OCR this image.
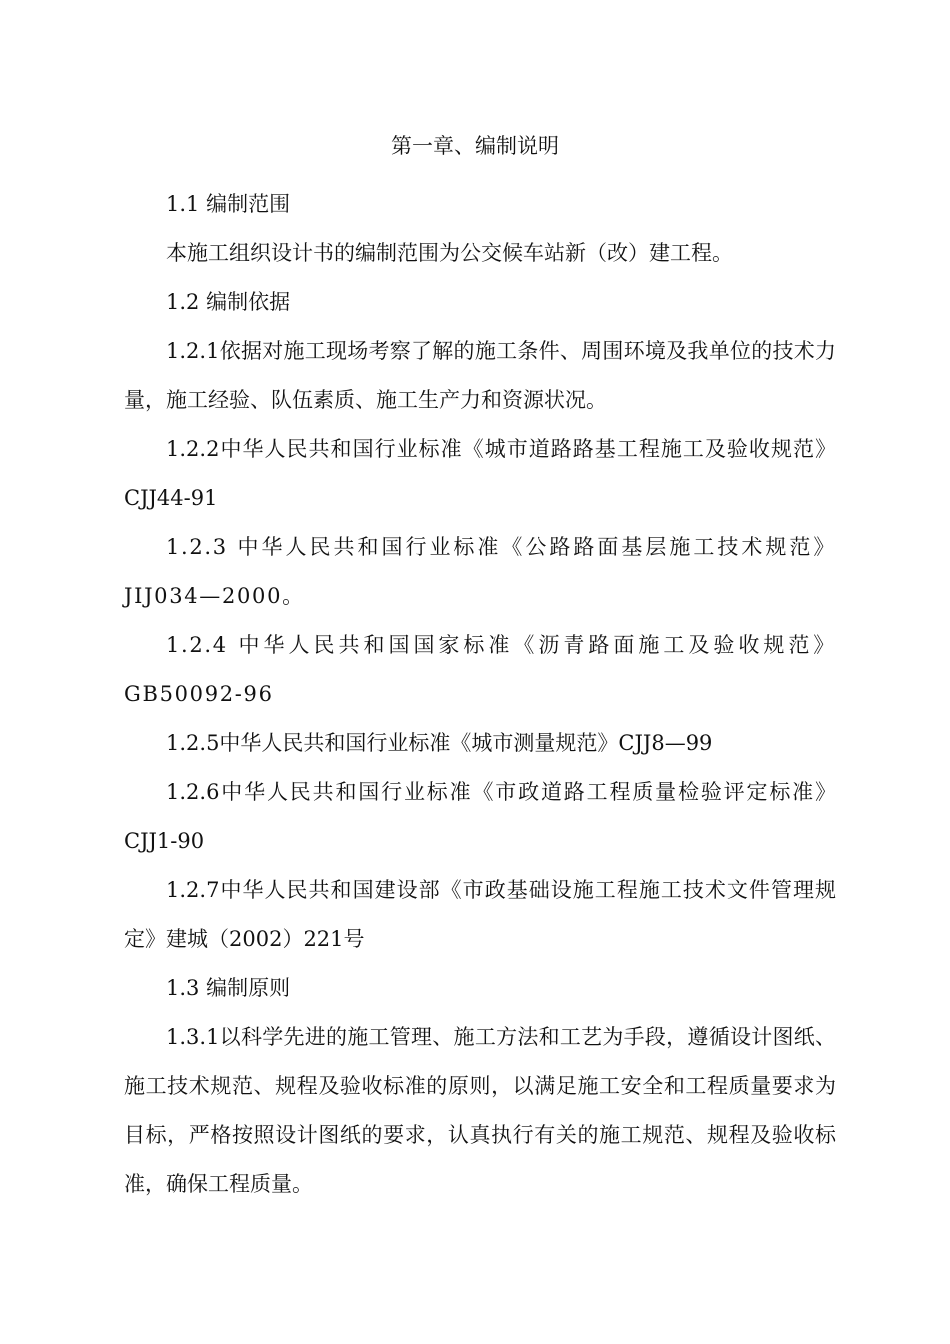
第一章、编制说明

1.1 编制范围

本施工组织设计书的编制范围为公交候车站新（改）建工程。

1.2 编制依据

1.2.1依据对施工现场考察了解的施工条件、周围环境及我单位的技术力量，施工经验、队伍素质、施工生产力和资源状况。

1.2.2中华人民共和国行业标准《城市道路路基工程施工及验收规范》CJJ44-91

1.2.3 中华人民共和国行业标准《公路路面基层施工技术规范》JIJ034—2000。

1.2.4 中华人民共和国国家标准《沥青路面施工及验收规范》GB50092-96

1.2.5中华人民共和国行业标准《城市测量规范》CJJ8—99

1.2.6中华人民共和国行业标准《市政道路工程质量检验评定标准》CJJ1-90

1.2.7中华人民共和国建设部《市政基础设施工程施工技术文件管理规定》建城（2002）221号

1.3 编制原则

1.3.1以科学先进的施工管理、施工方法和工艺为手段，遵循设计图纸、施工技术规范、规程及验收标准的原则，以满足施工安全和工程质量要求为目标，严格按照设计图纸的要求，认真执行有关的施工规范、规程及验收标准，确保工程质量。
